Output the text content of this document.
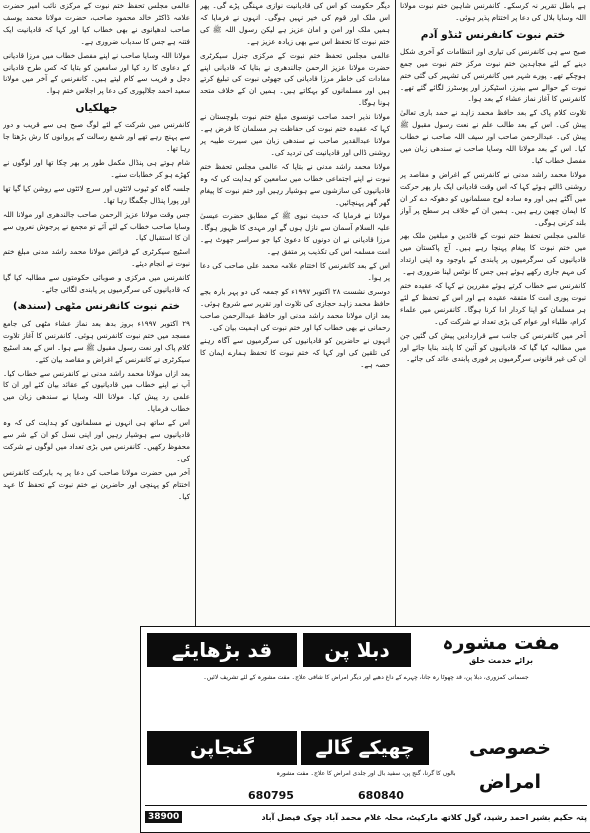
ہے باطل تقریر نہ کرسکے۔ کانفرنس شاہین ختم نبوت مولانا اللہ وسایا بلال کی دعا پر اختتام پذیر ہوئی۔

ختم نبوت کانفرنس ٹنڈو آدم

صبح سے ہی کانفرنس کی تیاری اور انتظامات کو آخری شکل دینے کے لئے مجاہدین ختم نبوت مرکز ختم نبوت میں جمع ہوچکے تھے۔ پورے شہر میں کانفرنس کی تشہیر کی گئی ختم نبوت کے حوالے سے بینرز، اسٹیکرز اور پوسٹرز لگائے گئے تھے۔ کانفرنس کا آغاز نماز عشاء کے بعد ہوا۔

تلاوت کلام پاک کے بعد حافظ محمد زاہد نے حمد باری تعالیٰ پیش کی۔ اس کے بعد طالب علم نے نعت رسول مقبول ﷺ پیش کی۔ عبدالرحمن صاحب اور سیف اللہ صاحب نے خطاب کیا۔ اس کے بعد مولانا اللہ وسایا صاحب نے سندھی زبان میں مفصل خطاب کیا۔

مولانا محمد راشد مدنی نے کانفرنس کے اغراض و مقاصد پر روشنی ڈالتے ہوئے کہا کہ اس وقت قادیانی ایک بار پھر حرکت میں آگئے ہیں اور وہ سادہ لوح مسلمانوں کو دھوکہ دے کر ان کا ایمان چھین رہے ہیں۔ ہمیں ان کے خلاف ہر سطح پر آواز بلند کرنی ہوگی۔

عالمی مجلس تحفظ ختم نبوت کے قائدین و مبلغین ملک بھر میں ختم نبوت کا پیغام پہنچا رہے ہیں۔ آج پاکستان میں قادیانیوں کی سرگرمیوں پر پابندی کے باوجود وہ اپنی ارتداد کی مہم جاری رکھے ہوئے ہیں جس کا نوٹس لینا ضروری ہے۔

کانفرنس سے خطاب کرتے ہوئے مقررین نے کہا کہ عقیدہ ختم نبوت پوری امت کا متفقہ عقیدہ ہے اور اس کے تحفظ کے لئے ہر مسلمان کو اپنا کردار ادا کرنا ہوگا۔ کانفرنس میں علماء کرام، طلباء اور عوام کی بڑی تعداد نے شرکت کی۔

آخر میں کانفرنس کی جانب سے قراردادیں پیش کی گئیں جن میں مطالبہ کیا گیا کہ قادیانیوں کو آئین کا پابند بنایا جائے اور ان کی غیر قانونی سرگرمیوں پر فوری پابندی عائد کی جائے۔

دیگر حکومت کو اس کی قادیانیت نوازی مہنگی پڑے گی۔ پھر اس ملک اور قوم کی خیر نہیں ہوگی۔ انہوں نے فرمایا کہ ہمیں ملک اور امن و امان عزیز ہے لیکن رسول اللہ ﷺ کی ختم نبوت کا تحفظ اس سے بھی زیادہ عزیز ہے۔

عالمی مجلس تحفظ ختم نبوت کے مرکزی جنرل سیکرٹری حضرت مولانا عزیز الرحمن جالندھری نے بتایا کہ قادیانی اپنے مفادات کی خاطر مرزا قادیانی کی جھوٹی نبوت کی تبلیغ کرتے ہیں اور مسلمانوں کو بہکاتے ہیں۔ ہمیں ان کے خلاف متحد ہونا ہوگا۔

مولانا نذیر احمد صاحب تونسوی مبلغ ختم نبوت بلوچستان نے کہا کہ عقیدہ ختم نبوت کی حفاظت ہر مسلمان کا فرض ہے۔ مولانا عبدالقدیر صاحب نے سندھی زبان میں سیرت طیبہ پر روشنی ڈالی اور قادیانیت کی تردید کی۔

مولانا محمد راشد مدنی نے بتایا کہ عالمی مجلس تحفظ ختم نبوت نے اپنے اجتماعی خطاب میں سامعین کو ہدایت کی کہ وہ قادیانیوں کی سازشوں سے ہوشیار رہیں اور ختم نبوت کا پیغام گھر گھر پہنچائیں۔

مولانا نے فرمایا کہ حدیث نبوی ﷺ کے مطابق حضرت عیسیٰ علیہ السلام آسمان سے نازل ہوں گے اور مہدی کا ظہور ہوگا۔ مرزا قادیانی نے ان دونوں کا دعویٰ کیا جو سراسر جھوٹ ہے۔ امت مسلمہ اس کی تکذیب پر متفق ہے۔

اس کے بعد کانفرنس کا اختتام علامہ محمد علی صاحب کی دعا پر ہوا۔

دوسری نشست ۲۸ اکتوبر ۱۹۹۷ء کو جمعہ کی دو پہر بارہ بجے حافظ محمد زاہد حجازی کی تلاوت اور تقریر سے شروع ہوئی۔ بعد ازاں مولانا محمد راشد مدنی اور حافظ عبدالرحمن صاحب رحمانی نے بھی خطاب کیا اور ختم نبوت کی اہمیت بیان کی۔

انہوں نے حاضرین کو قادیانیوں کی سرگرمیوں سے آگاہ رہنے کی تلقین کی اور کہا کہ ختم نبوت کا تحفظ ہمارے ایمان کا حصہ ہے۔

عالمی مجلس تحفظ ختم نبوت کے مرکزی نائب امیر حضرت علامہ ڈاکٹر خالد محمود صاحب، حضرت مولانا محمد یوسف صاحب لدھیانوی نے بھی خطاب کیا اور کہا کہ قادیانیت ایک فتنہ ہے جس کا سدباب ضروری ہے۔

مولانا اللہ وسایا صاحب نے اپنے مفصل خطاب میں مرزا قادیانی کے دعاوی کا رد کیا اور سامعین کو بتایا کہ کس طرح قادیانی دجل و فریب سے کام لیتے ہیں۔ کانفرنس کے آخر میں مولانا سعید احمد جلالپوری کی دعا پر اجلاس ختم ہوا۔

جھلکیاں

کانفرنس میں شرکت کے لئے لوگ صبح ہی سے قریب و دور سے پہنچ رہے تھے اور شمع رسالت کے پروانوں کا رش بڑھتا جا رہا تھا۔

شام ہوتے ہی پنڈال مکمل طور پر بھر چکا تھا اور لوگوں نے کھڑے ہو کر خطابات سنے۔

جلسہ گاہ کو ٹیوب لائٹوں اور سرچ لائٹوں سے روشن کیا گیا تھا اور پورا پنڈال جگمگا رہا تھا۔

جس وقت مولانا عزیز الرحمن صاحب جالندھری اور مولانا اللہ وسایا صاحب خطاب کے لئے آئے تو مجمع نے پرجوش نعروں سے ان کا استقبال کیا۔

اسٹیج سیکرٹری کے فرائض مولانا محمد راشد مدنی مبلغ ختم نبوت نے انجام دیئے۔

کانفرنس میں مرکزی و صوبائی حکومتوں سے مطالبہ کیا گیا کہ قادیانیوں کی سرگرمیوں پر پابندی لگائی جائے۔

ختم نبوت کانفرنس مٹھی (سندھ)

۲۹ اکتوبر ۱۹۹۷ء بروز بدھ بعد نماز عشاء مٹھی کی جامع مسجد میں ختم نبوت کانفرنس ہوئی۔ کانفرنس کا آغاز تلاوت کلام پاک اور نعت رسول مقبول ﷺ سے ہوا۔ اس کے بعد اسٹیج سیکرٹری نے کانفرنس کے اغراض و مقاصد بیان کئے۔

بعد ازاں مولانا محمد راشد مدنی نے کانفرنس سے خطاب کیا۔ آپ نے اپنے خطاب میں قادیانیوں کے عقائد بیان کئے اور ان کا علمی رد پیش کیا۔ مولانا اللہ وسایا نے سندھی زبان میں خطاب فرمایا۔

اس کے ساتھ ہی انہوں نے مسلمانوں کو ہدایت کی کہ وہ قادیانیوں سے ہوشیار رہیں اور اپنی نسل کو ان کے شر سے محفوظ رکھیں۔ کانفرنس میں بڑی تعداد میں لوگوں نے شرکت کی۔

آخر میں حضرت مولانا صاحب کی دعا پر یہ بابرکت کانفرنس اختتام کو پہنچی اور حاضرین نے ختم نبوت کے تحفظ کا عہد کیا۔

قد بڑھایئے	دبلا پن	مفت مشورہ
برائے خدمت خلق
جسمانی کمزوری، دبلا پن، قد چھوٹا رہ جانا، چہرے کے داغ دھبے اور دیگر امراض کا شافی علاج۔ مفت مشورہ کے لئے تشریف لائیں۔
خصوصی امراض
چھیکے گالے
گنجاپن
بالوں کا گرنا، گنج پن، سفید بال اور جلدی امراض کا علاج۔ مفت مشورہ
680795	680840
پتہ حکیم بشیر احمد رشید، گول کلاتھ مارکیٹ، محلہ غلام محمد آباد چوک فیصل آباد
38900
